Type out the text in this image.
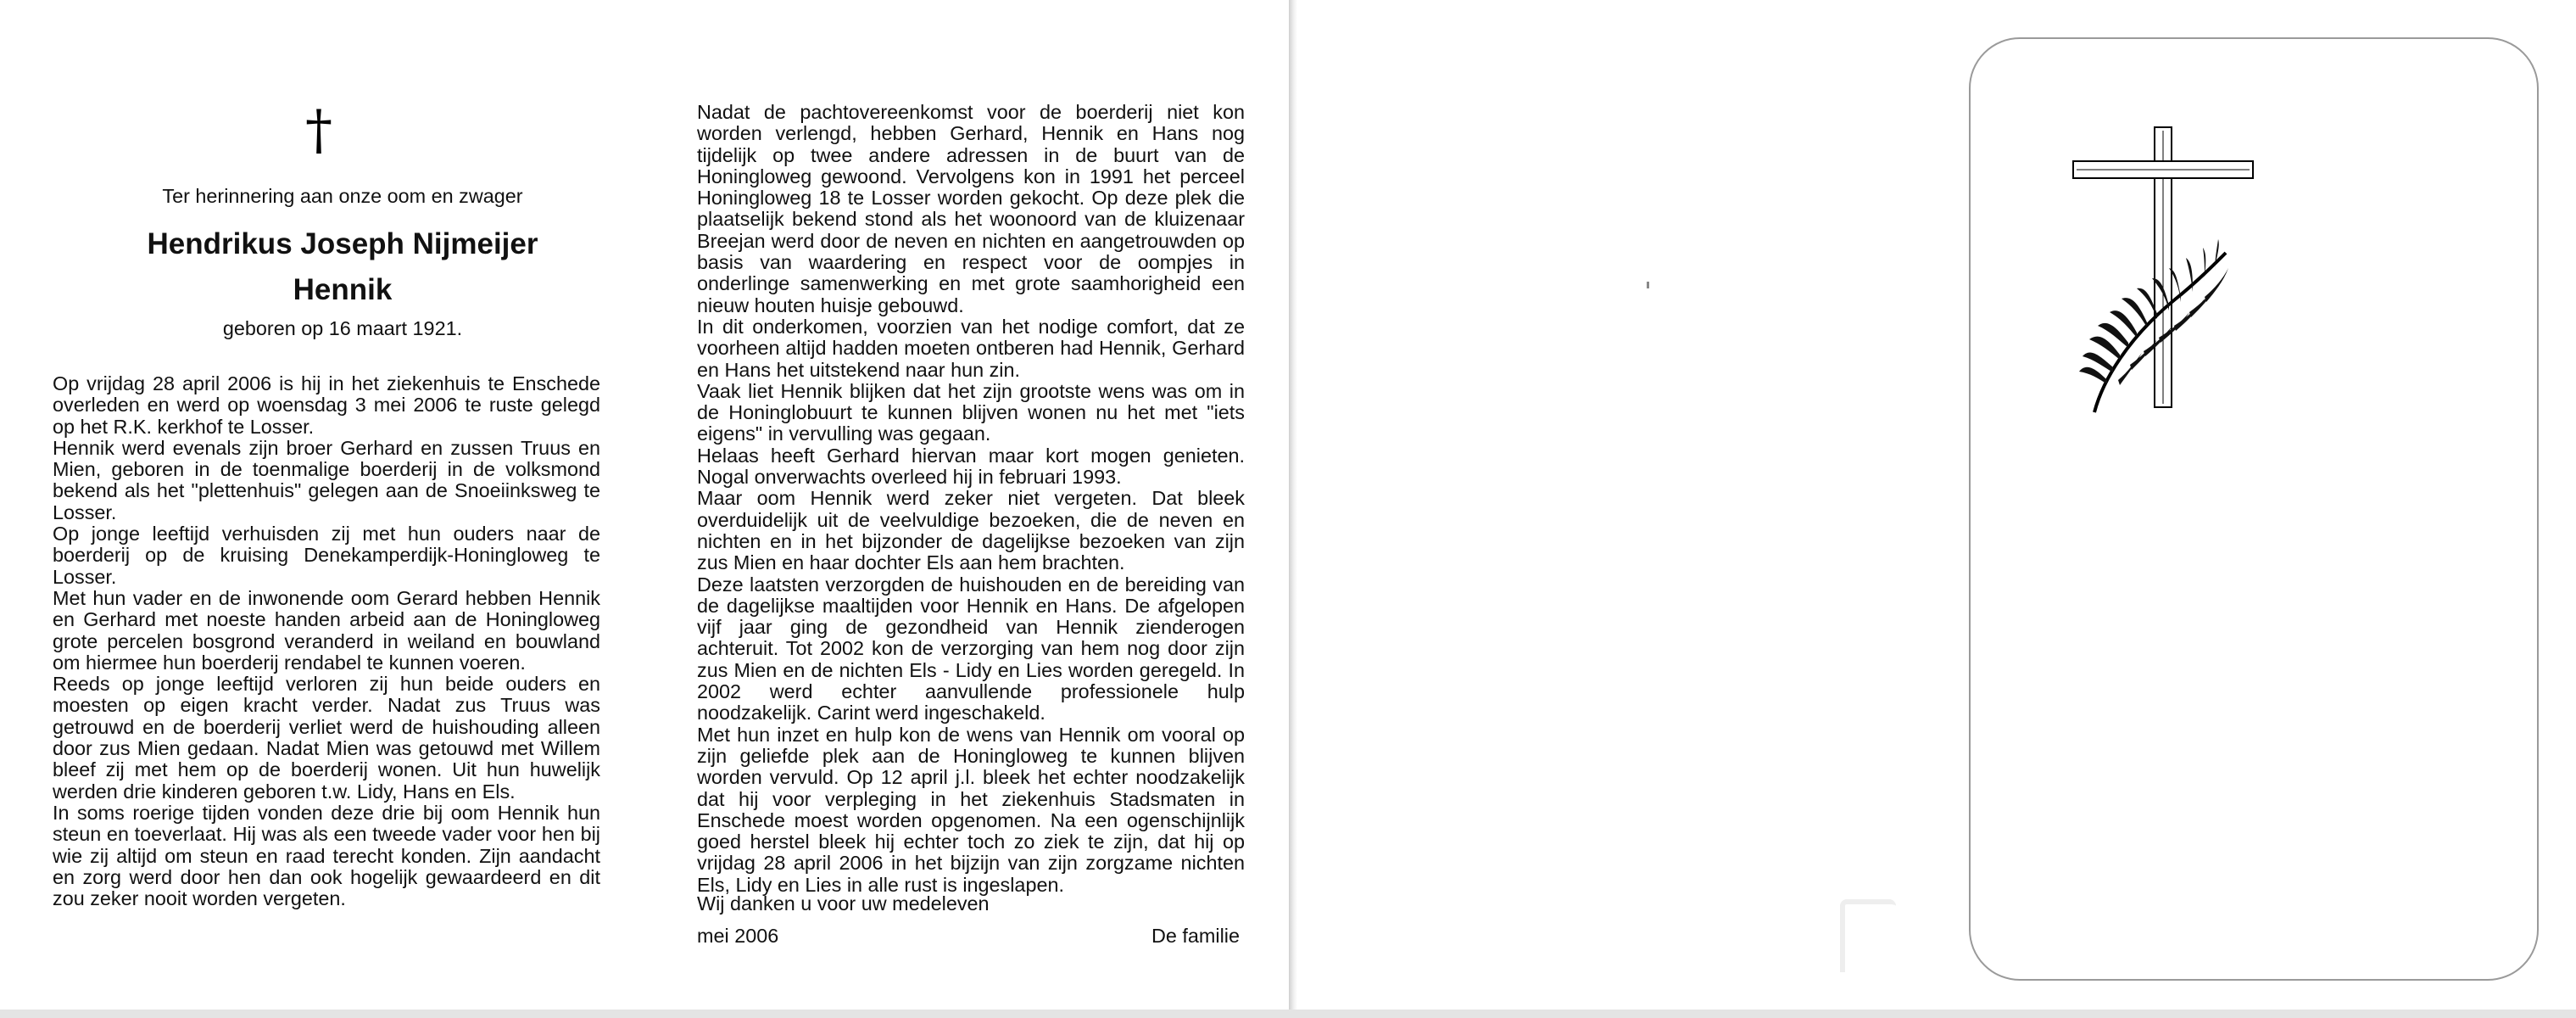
†
Ter herinnering aan onze oom en zwager
Hendrikus Joseph Nijmeijer
Hennik
geboren op 16 maart 1921.

Op vrijdag 28 april 2006 is hij in het ziekenhuis te Enschede overleden en werd op woensdag 3 mei 2006 te ruste gelegd op het R.K. kerkhof te Losser.

Hennik werd evenals zijn broer Gerhard en zussen Truus en Mien, geboren in de toenmalige boerderij in de volksmond bekend als het "plettenhuis" gelegen aan de Snoeiinksweg te Losser.

Op jonge leeftijd verhuisden zij met hun ouders naar de boerderij op de kruising Denekamperdijk-Honingloweg te Losser.

Met hun vader en de inwonende oom Gerard hebben Hennik en Gerhard met noeste handen arbeid aan de Honingloweg grote percelen bosgrond veranderd in weiland en bouwland om hiermee hun boerderij rendabel te kunnen voeren.

Reeds op jonge leeftijd verloren zij hun beide ouders en moesten op eigen kracht verder. Nadat zus Truus was getrouwd en de boerderij verliet werd de huishouding alleen door zus Mien gedaan. Nadat Mien was getouwd met Willem bleef zij met hem op de boerderij wonen. Uit hun huwelijk werden drie kinderen geboren t.w. Lidy, Hans en Els.

In soms roerige tijden vonden deze drie bij oom Hennik hun steun en toeverlaat. Hij was als een tweede vader voor hen bij wie zij altijd om steun en raad terecht konden. Zijn aandacht en zorg werd door hen dan ook hogelijk gewaardeerd en dit zou zeker nooit worden vergeten.

Nadat de pachtovereenkomst voor de boerderij niet kon worden verlengd, hebben Gerhard, Hennik en Hans nog tijdelijk op twee andere adressen in de buurt van de Honingloweg gewoond. Vervolgens kon in 1991 het perceel Honingloweg 18 te Losser worden gekocht. Op deze plek die plaatselijk bekend stond als het woonoord van de kluizenaar Breejan werd door de neven en nichten en aangetrouwden op basis van waardering en respect voor de oompjes in onderlinge samenwerking en met grote saamhorigheid een nieuw houten huisje gebouwd.

In dit onderkomen, voorzien van het nodige comfort, dat ze voorheen altijd hadden moeten ontberen had Hennik, Gerhard en Hans het uitstekend naar hun zin.

Vaak liet Hennik blijken dat het zijn grootste wens was om in de Honinglobuurt te kunnen blijven wonen nu het met "iets eigens" in vervulling was gegaan.

Helaas heeft Gerhard hiervan maar kort mogen genieten. Nogal onverwachts overleed hij in februari 1993.

Maar oom Hennik werd zeker niet vergeten. Dat bleek overduidelijk uit de veelvuldige bezoeken, die de neven en nichten en in het bijzonder de dagelijkse bezoeken van zijn zus Mien en haar dochter Els aan hem brachten.

Deze laatsten verzorgden de huishouden en de bereiding van de dagelijkse maaltijden voor Hennik en Hans. De afgelopen vijf jaar ging de gezondheid van Hennik zienderogen achteruit. Tot 2002 kon de verzorging van hem nog door zijn zus Mien en de nichten Els - Lidy en Lies worden geregeld. In 2002 werd echter aanvullende professionele hulp noodzakelijk. Carint werd ingeschakeld.

Met hun inzet en hulp kon de wens van Hennik om vooral op zijn geliefde plek aan de Honingloweg te kunnen blijven worden vervuld. Op 12 april j.l. bleek het echter noodzakelijk dat hij voor verpleging in het ziekenhuis Stadsmaten in Enschede moest worden opgenomen. Na een ogenschijnlijk goed herstel bleek hij echter toch zo ziek te zijn, dat hij op vrijdag 28 april 2006 in het bijzijn van zijn zorgzame nichten Els, Lidy en Lies in alle rust is ingeslapen.

Wij danken u voor uw medeleven
mei 2006	De familie
